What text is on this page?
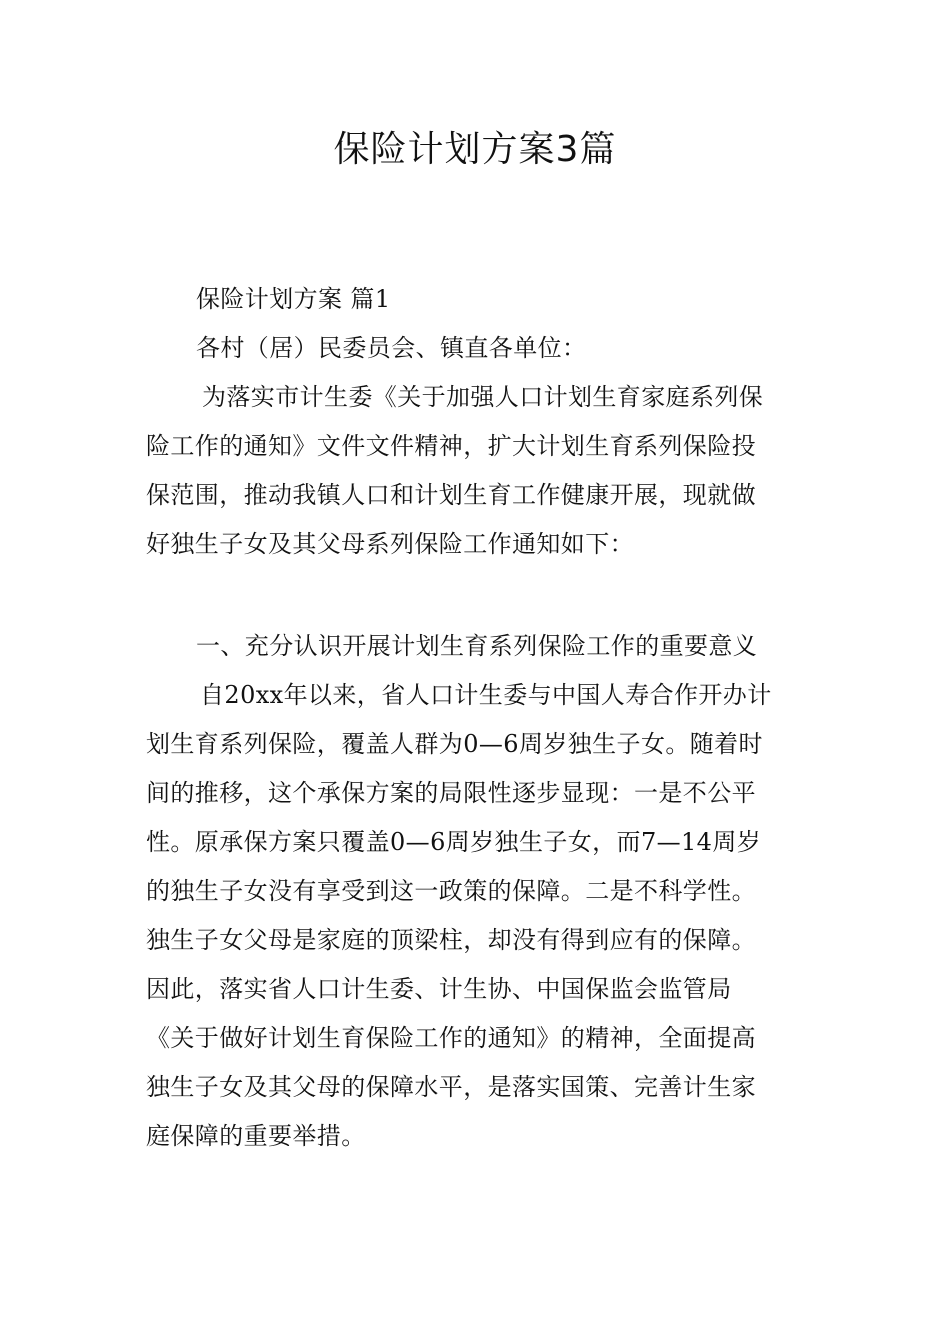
保险计划方案3篇
保险计划方案 篇1
各村（居）民委员会、镇直各单位：
为落实市计生委《关于加强人口计划生育家庭系列保
险工作的通知》文件文件精神，扩大计划生育系列保险投
保范围，推动我镇人口和计划生育工作健康开展，现就做
好独生子女及其父母系列保险工作通知如下：
一、充分认识开展计划生育系列保险工作的重要意义
自20xx年以来，省人口计生委与中国人寿合作开办计
划生育系列保险，覆盖人群为0—6周岁独生子女。随着时
间的推移，这个承保方案的局限性逐步显现：一是不公平
性。原承保方案只覆盖0—6周岁独生子女，而7—14周岁
的独生子女没有享受到这一政策的保障。二是不科学性。
独生子女父母是家庭的顶梁柱，却没有得到应有的保障。
因此，落实省人口计生委、计生协、中国保监会监管局
《关于做好计划生育保险工作的通知》的精神，全面提高
独生子女及其父母的保障水平，是落实国策、完善计生家
庭保障的重要举措。
